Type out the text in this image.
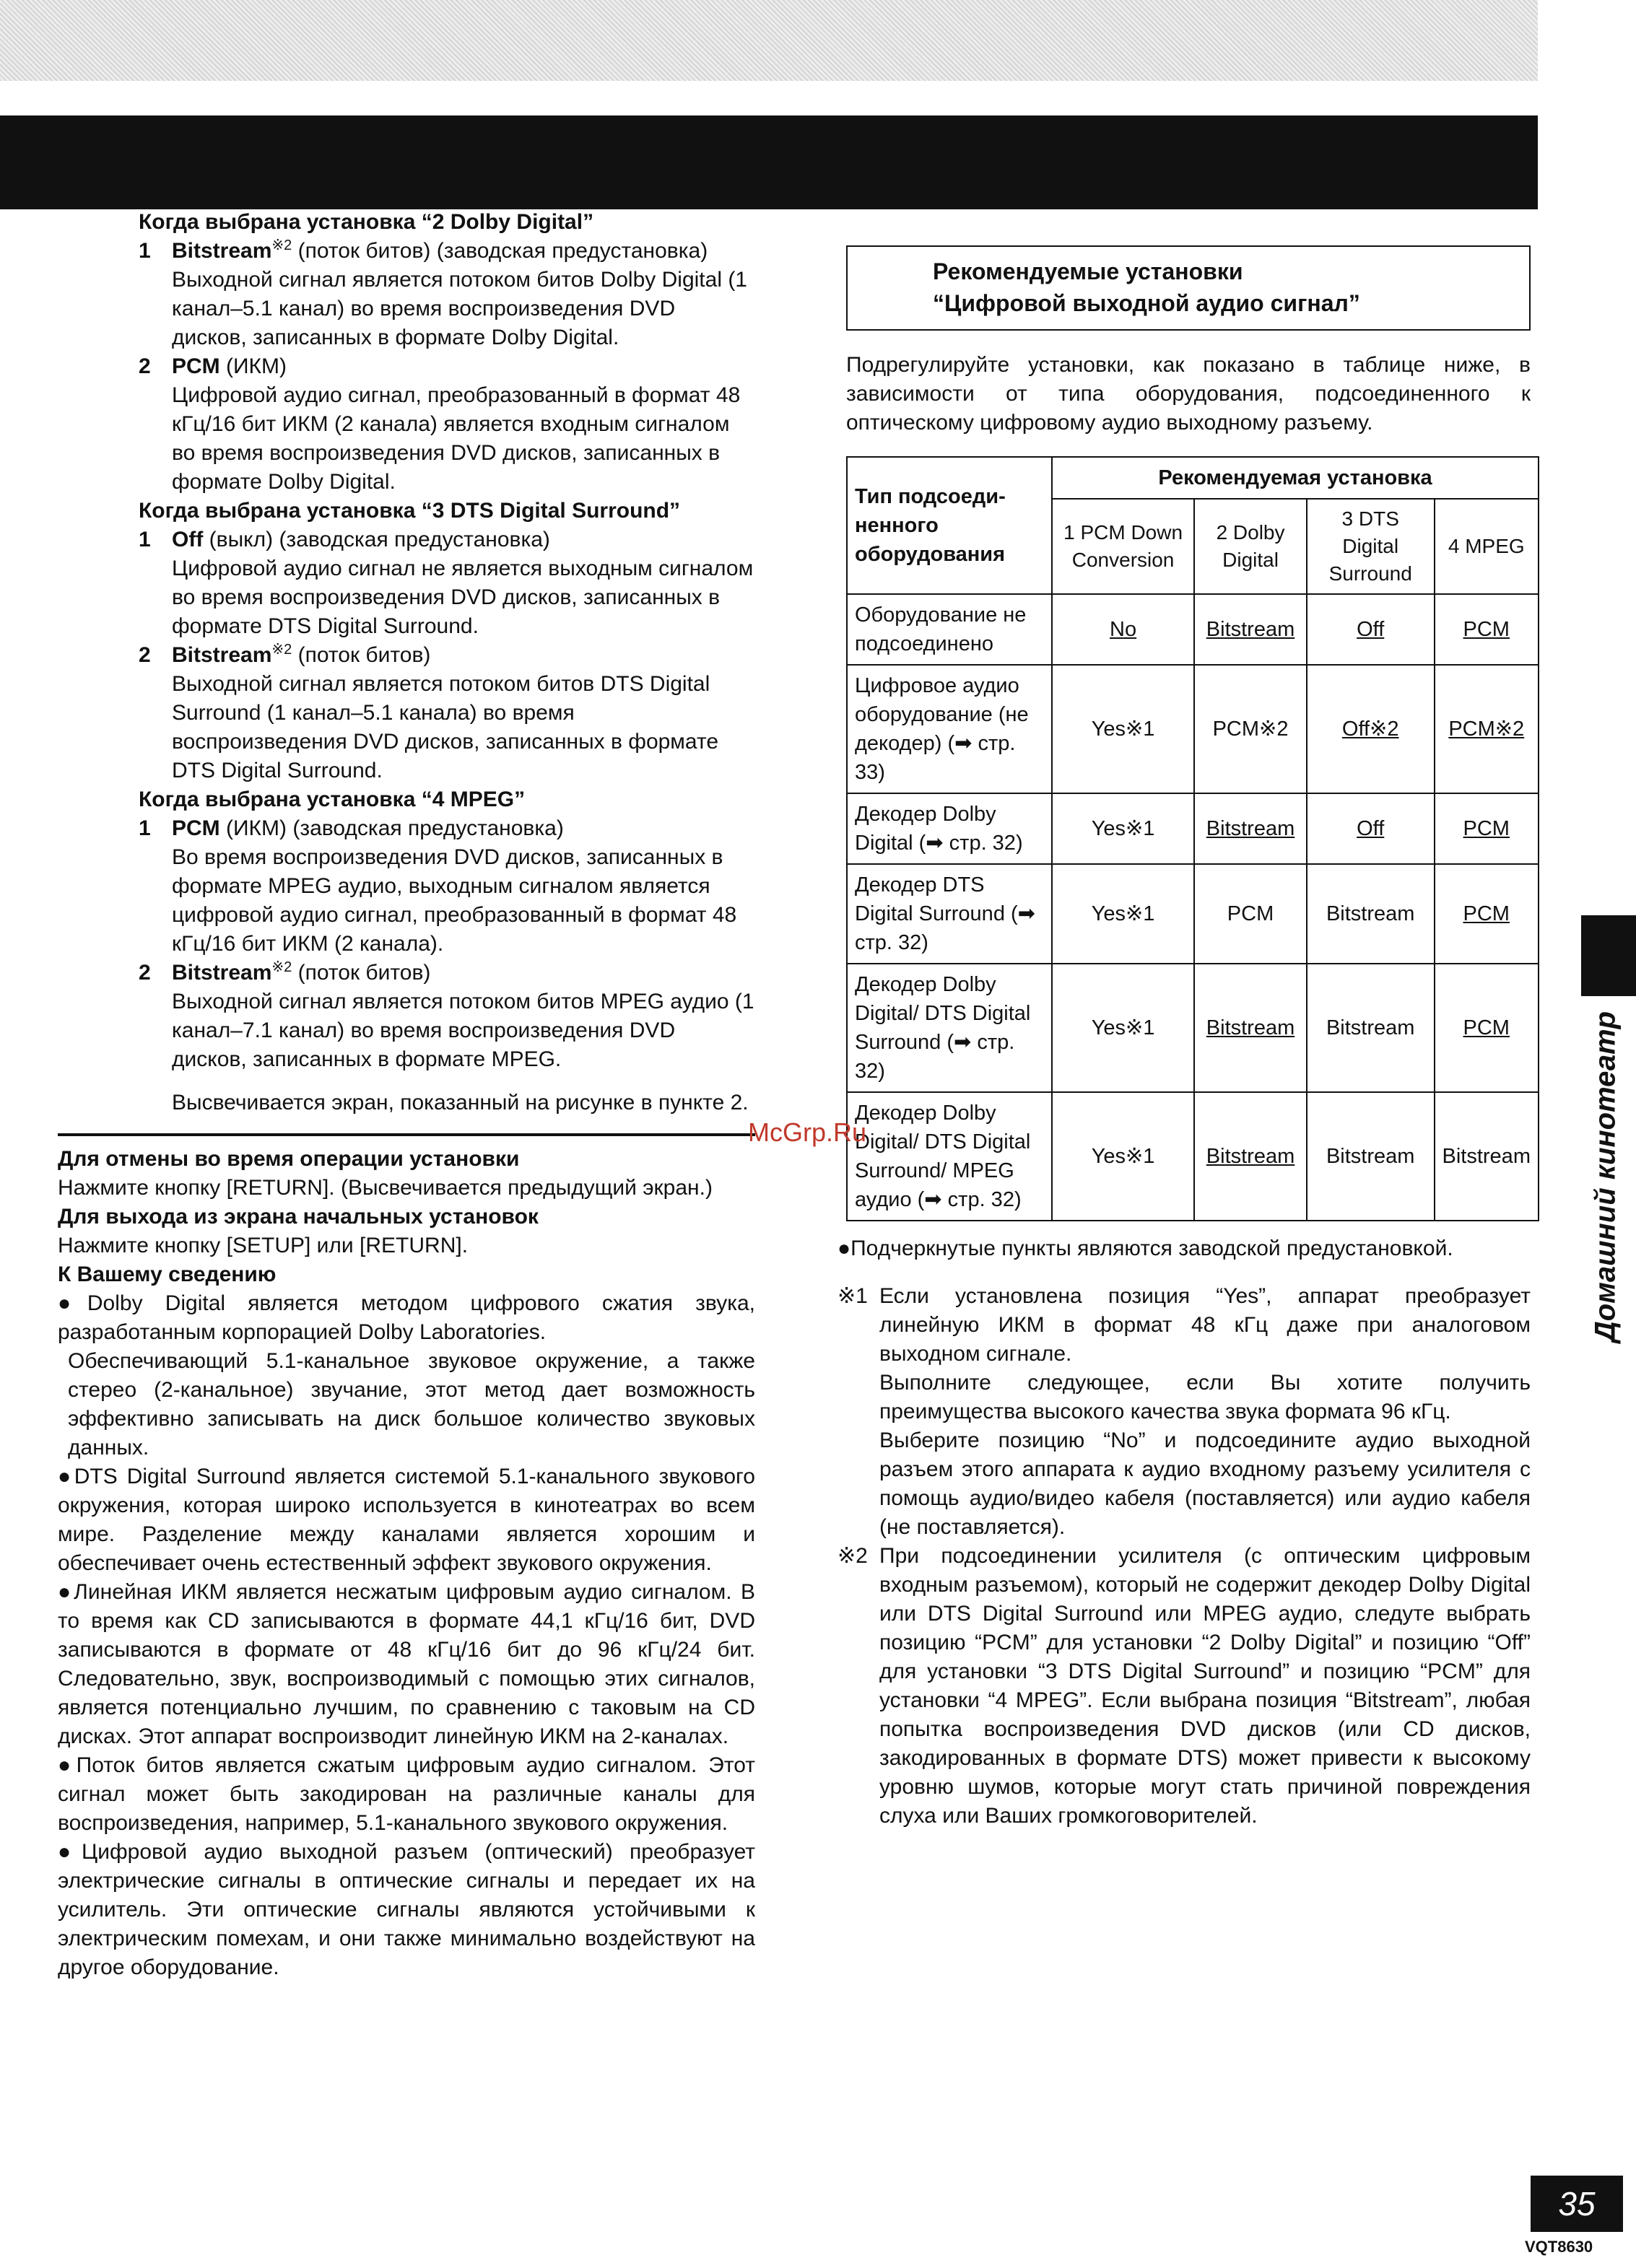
Когда выбрана установка “2 Dolby Digital”
1 Bitstream$^{※2}$ (поток битов) (заводская предустановка)
Выходной сигнал является потоком битов Dolby Digital (1 канал–5.1 канал) во время воспроизведения DVD дисков, записанных в формате Dolby Digital.
2 PCM (ИКМ)
Цифровой аудио сигнал, преобразованный в формат 48 кГц/16 бит ИКМ (2 канала) является входным сигналом во время воспроизведения DVD дисков, записанных в формате Dolby Digital.
Когда выбрана установка “3 DTS Digital Surround”
1 Off (выкл) (заводская предустановка)
Цифровой аудио сигнал не является выходным сигналом во время воспроизведения DVD дисков, записанных в формате DTS Digital Surround.
2 Bitstream$^{※2}$ (поток битов)
Выходной сигнал является потоком битов DTS Digital Surround (1 канал–5.1 канала) во время воспроизведения DVD дисков, записанных в формате DTS Digital Surround.
Когда выбрана установка “4 MPEG”
1 PCM (ИКМ) (заводская предустановка)
Во время воспроизведения DVD дисков, записанных в формате MPEG аудио, выходным сигналом является цифровой аудио сигнал, преобразованный в формат 48 кГц/16 бит ИКМ (2 канала).
2 Bitstream$^{※2}$ (поток битов)
Выходной сигнал является потоком битов MPEG аудио (1 канал–7.1 канал) во время воспроизведения DVD дисков, записанных в формате MPEG.
Высвечивается экран, показанный на рисунке в пункте 2.
Для отмены во время операции установки
Нажмите кнопку [RETURN]. (Высвечивается предыдущий экран.)
Для выхода из экрана начальных установок
Нажмите кнопку [SETUP] или [RETURN].
К Вашему сведению
●Dolby Digital является методом цифрового сжатия звука, разработанным корпорацией Dolby Laboratories.
Обеспечивающий 5.1-канальное звуковое окружение, а также стерео (2-канальное) звучание, этот метод дает возможность эффективно записывать на диск большое количество звуковых данных.
●DTS Digital Surround является системой 5.1-канального звукового окружения, которая широко используется в кинотеатрах во всем мире. Разделение между каналами является хорошим и обеспечивает очень естественный эффект звукового окружения.
●Линейная ИКМ является несжатым цифровым аудио сигналом. В то время как CD записываются в формате 44,1 кГц/16 бит, DVD записываются в формате от 48 кГц/16 бит до 96 кГц/24 бит. Следовательно, звук, воспроизводимый с помощью этих сигналов, является потенциально лучшим, по сравнению с таковым на CD дисках. Этот аппарат воспроизводит линейную ИКМ на 2-каналах.
●Поток битов является сжатым цифровым аудио сигналом. Этот сигнал может быть закодирован на различные каналы для воспроизведения, например, 5.1-канального звукового окружения.
●Цифровой аудио выходной разъем (оптический) преобразует электрические сигналы в оптические сигналы и передает их на усилитель. Эти оптические сигналы являются устойчивыми к электрическим помехам, и они также минимально воздействуют на другое оборудование.
Рекомендуемые установки
“Цифровой выходной аудио сигнал”
Подрегулируйте установки, как показано в таблице ниже, в зависимости от типа оборудования, подсоединенного к оптическому цифровому аудио выходному разъему.
Тип подсоеди-ненного оборудования	Рекомендуемая установка			
	1 PCM Down Conversion	2 Dolby Digital	3 DTS Digital Surround	4 MPEG
Оборудование не подсоединено	No	Bitstream	Off	PCM
Цифровое аудио оборудование (не декодер) (➡ стр. 33)	Yes※1	PCM※2	Off※2	PCM※2
Декодер Dolby Digital (➡ стр. 32)	Yes※1	Bitstream	Off	PCM
Декодер DTS Digital Surround (➡ стр. 32)	Yes※1	PCM	Bitstream	PCM
Декодер Dolby Digital/ DTS Digital Surround (➡ стр. 32)	Yes※1	Bitstream	Bitstream	PCM
Декодер Dolby Digital/ DTS Digital Surround/ MPEG аудио (➡ стр. 32)	Yes※1	Bitstream	Bitstream	Bitstream
●Подчеркнутые пункты являются заводской предустановкой.
※1 Если установлена позиция “Yes”, аппарат преобразует линейную ИКМ в формат 48 кГц даже при аналоговом выходном сигнале.
Выполните следующее, если Вы хотите получить преимущества высокого качества звука формата 96 кГц.
Выберите позицию “No” и подсоедините аудио выходной разъем этого аппарата к аудио входному разъему усилителя с помощь аудио/видео кабеля (поставляется) или аудио кабеля (не поставляется).
※2 При подсоединении усилителя (с оптическим цифровым входным разъемом), который не содержит декодер Dolby Digital или DTS Digital Surround или MPEG аудио, следуте выбрать позицию “PCM” для установки “2 Dolby Digital” и позицию “Off” для установки “3 DTS Digital Surround” и позицию “PCM” для установки “4 MPEG”. Если выбрана позиция “Bitstream”, любая попытка воспроизведения DVD дисков (или CD дисков, закодированных в формате DTS) может привести к высокому уровню шумов, которые могут стать причиной повреждения слуха или Ваших громкоговорителей.
Домашний кинотеатр
McGrp.Ru
35
VQT8630
